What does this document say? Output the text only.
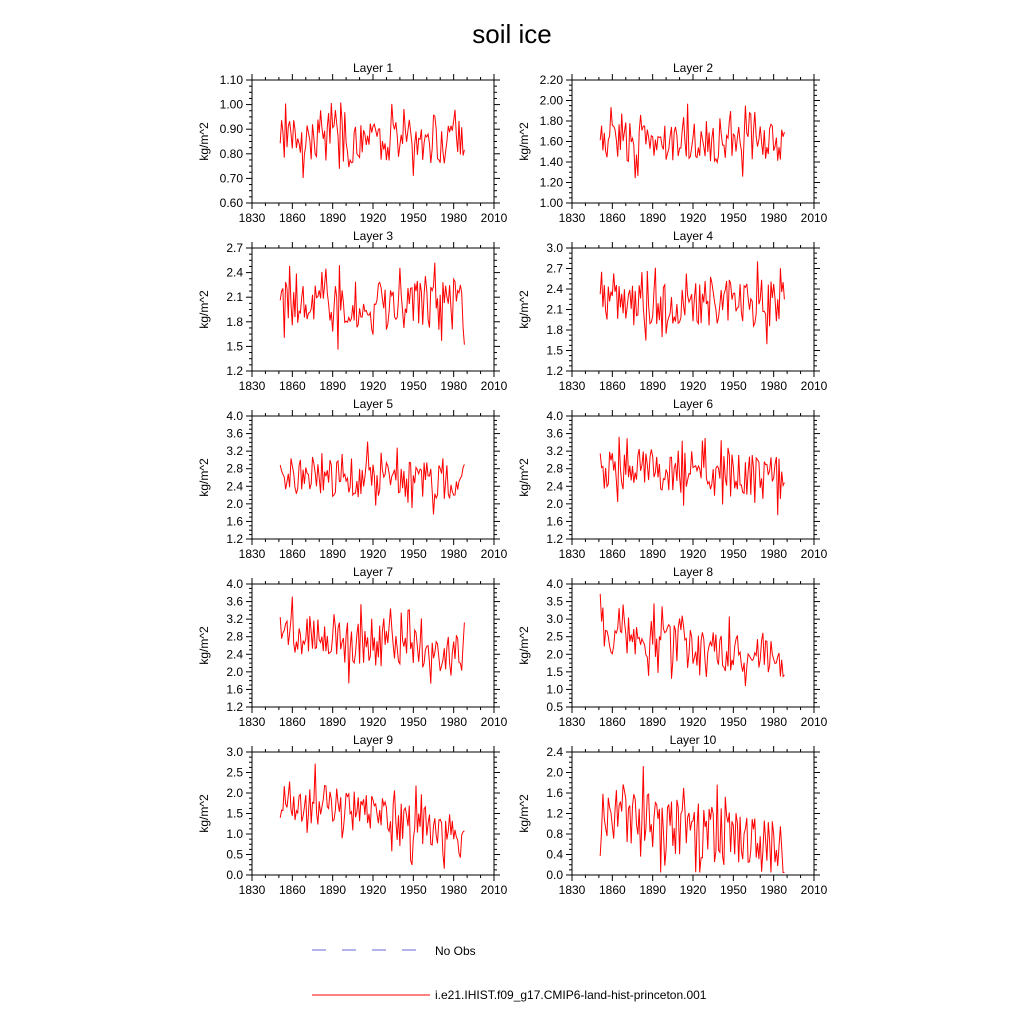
soil ice
Layer 1
kg/m^2
1830 1860 1890 1920 1950 1980 2010
0.60
0.70
0.80
0.90
1.00
1.10
Layer 2
kg/m^2
1830 1860 1890 1920 1950 1980 2010
1.00
1.20
1.40
1.60
1.80
2.00
2.20
Layer 3
kg/m^2
1830 1860 1890 1920 1950 1980 2010
1.2
1.5
1.8
2.1
2.4
2.7
Layer 4
kg/m^2
1830 1860 1890 1920 1950 1980 2010
1.2
1.5
1.8
2.1
2.4
2.7
3.0
Layer 5
kg/m^2
1830 1860 1890 1920 1950 1980 2010
1.2
1.6
2.0
2.4
2.8
3.2
3.6
4.0
Layer 6
kg/m^2
1830 1860 1890 1920 1950 1980 2010
1.2
1.6
2.0
2.4
2.8
3.2
3.6
4.0
Layer 7
kg/m^2
1830 1860 1890 1920 1950 1980 2010
1.2
1.6
2.0
2.4
2.8
3.2
3.6
4.0
Layer 8
kg/m^2
1830 1860 1890 1920 1950 1980 2010
0.5
1.0
1.5
2.0
2.5
3.0
3.5
4.0
Layer 9
kg/m^2
1830 1860 1890 1920 1950 1980 2010
0.0
0.5
1.0
1.5
2.0
2.5
3.0
Layer 10
kg/m^2
1830 1860 1890 1920 1950 1980 2010
0.0
0.4
0.8
1.2
1.6
2.0
2.4
No Obs
i.e21.IHIST.f09_g17.CMIP6-land-hist-princeton.001
